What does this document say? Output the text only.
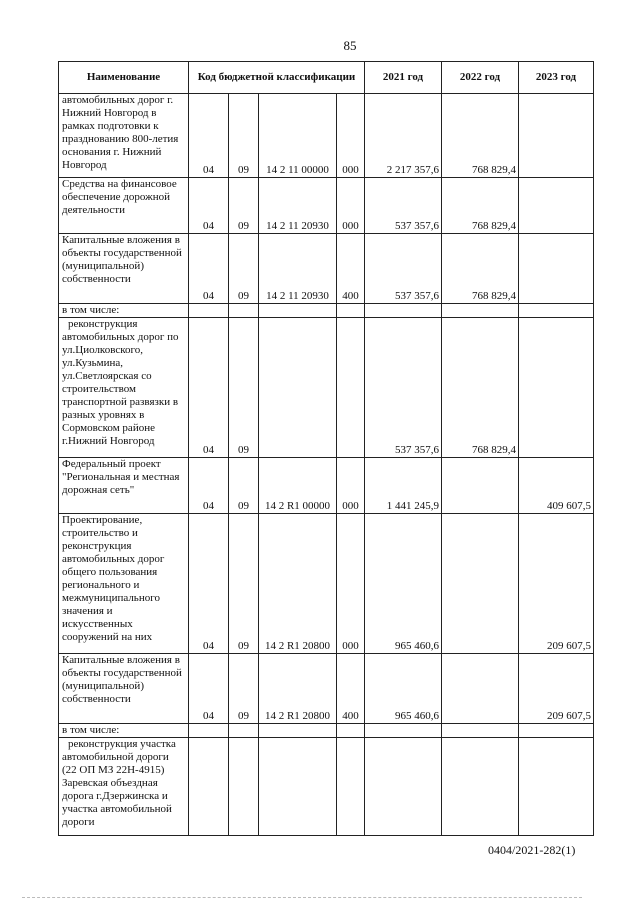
85
Наименование	Код бюджетной классификации				2021 год	2022 год	2023 год
автомобильных дорог г. Нижний Новгород в рамках подготовки к празднованию 800-летия основания г. Нижний Новгород	04	09	14 2 11 00000	000	2 217 357,6	768 829,4	
Средства на финансовое обеспечение дорожной деятельности	04	09	14 2 11 20930	000	537 357,6	768 829,4	
Капитальные вложения в объекты государственной (муниципальной) собственности	04	09	14 2 11 20930	400	537 357,6	768 829,4	
в том числе:							
реконструкция автомобильных дорог по ул.Циолковского, ул.Кузьмина, ул.Светлоярская со строительством транспортной развязки в разных уровнях в Сормовском районе г.Нижний Новгород	04	09			537 357,6	768 829,4	
Федеральный проект "Региональная и местная дорожная сеть"	04	09	14 2 R1 00000	000	1 441 245,9		409 607,5
Проектирование, строительство и реконструкция автомобильных дорог общего пользования регионального и межмуниципального значения и искусственных сооружений на них	04	09	14 2 R1 20800	000	965 460,6		209 607,5
Капитальные вложения в объекты государственной (муниципальной) собственности	04	09	14 2 R1 20800	400	965 460,6		209 607,5
в том числе:							
реконструкция участка автомобильной дороги (22 ОП МЗ 22Н-4915) Заревская объездная дорога г.Дзержинска и участка автомобильной дороги							
0404/2021-282(1)
